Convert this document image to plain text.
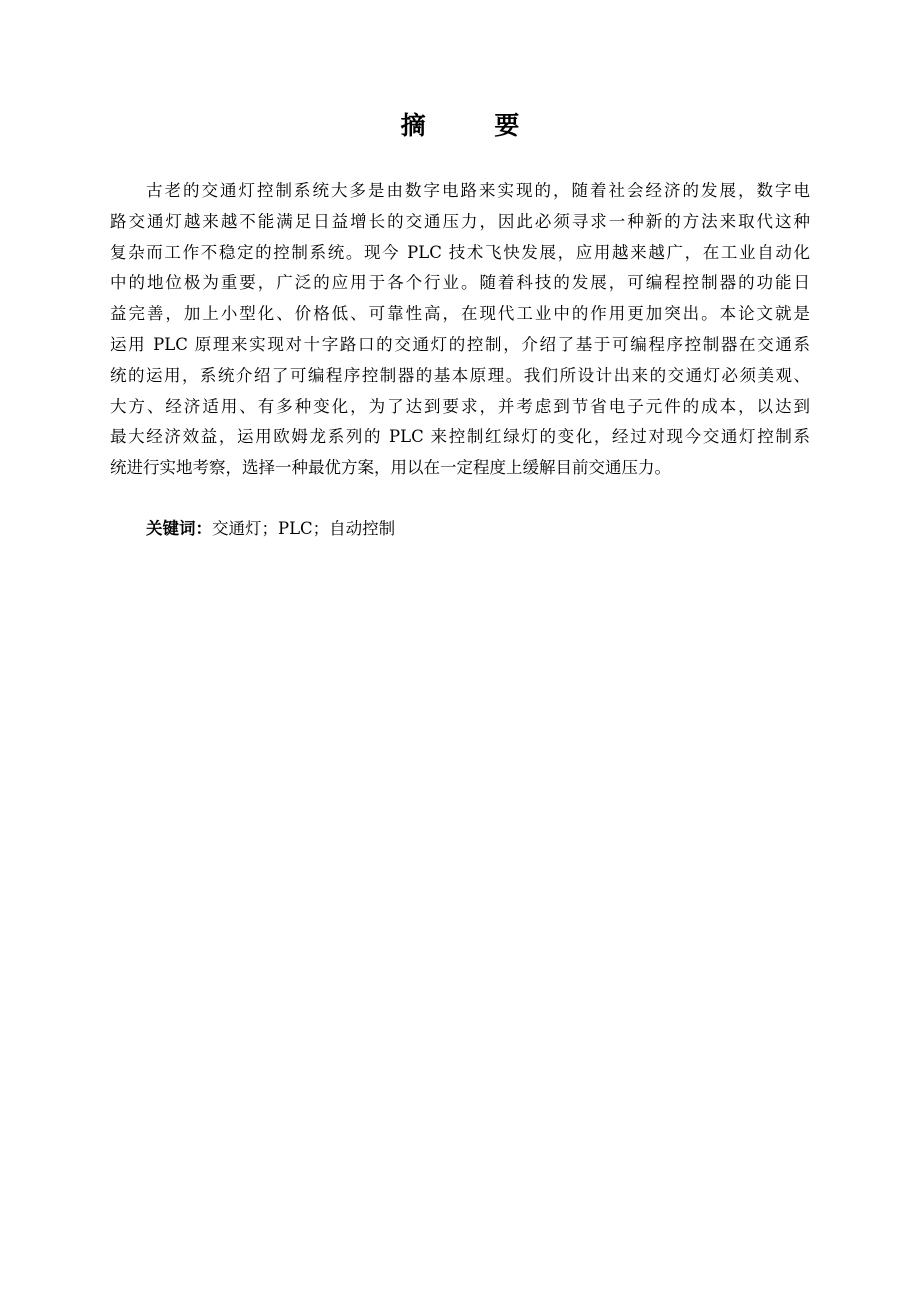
摘 要
古老的交通灯控制系统大多是由数字电路来实现的，随着社会经济的发展，数字电
路交通灯越来越不能满足日益增长的交通压力，因此必须寻求一种新的方法来取代这种
复杂而工作不稳定的控制系统。现今 PLC 技术飞快发展，应用越来越广，在工业自动化
中的地位极为重要，广泛的应用于各个行业。随着科技的发展，可编程控制器的功能日
益完善，加上小型化、价格低、可靠性高，在现代工业中的作用更加突出。本论文就是
运用 PLC 原理来实现对十字路口的交通灯的控制，介绍了基于可编程序控制器在交通系
统的运用，系统介绍了可编程序控制器的基本原理。我们所设计出来的交通灯必须美观、
大方、经济适用、有多种变化，为了达到要求，并考虑到节省电子元件的成本，以达到
最大经济效益，运用欧姆龙系列的 PLC 来控制红绿灯的变化，经过对现今交通灯控制系
统进行实地考察，选择一种最优方案，用以在一定程度上缓解目前交通压力。
关键词：交通灯；PLC；自动控制
